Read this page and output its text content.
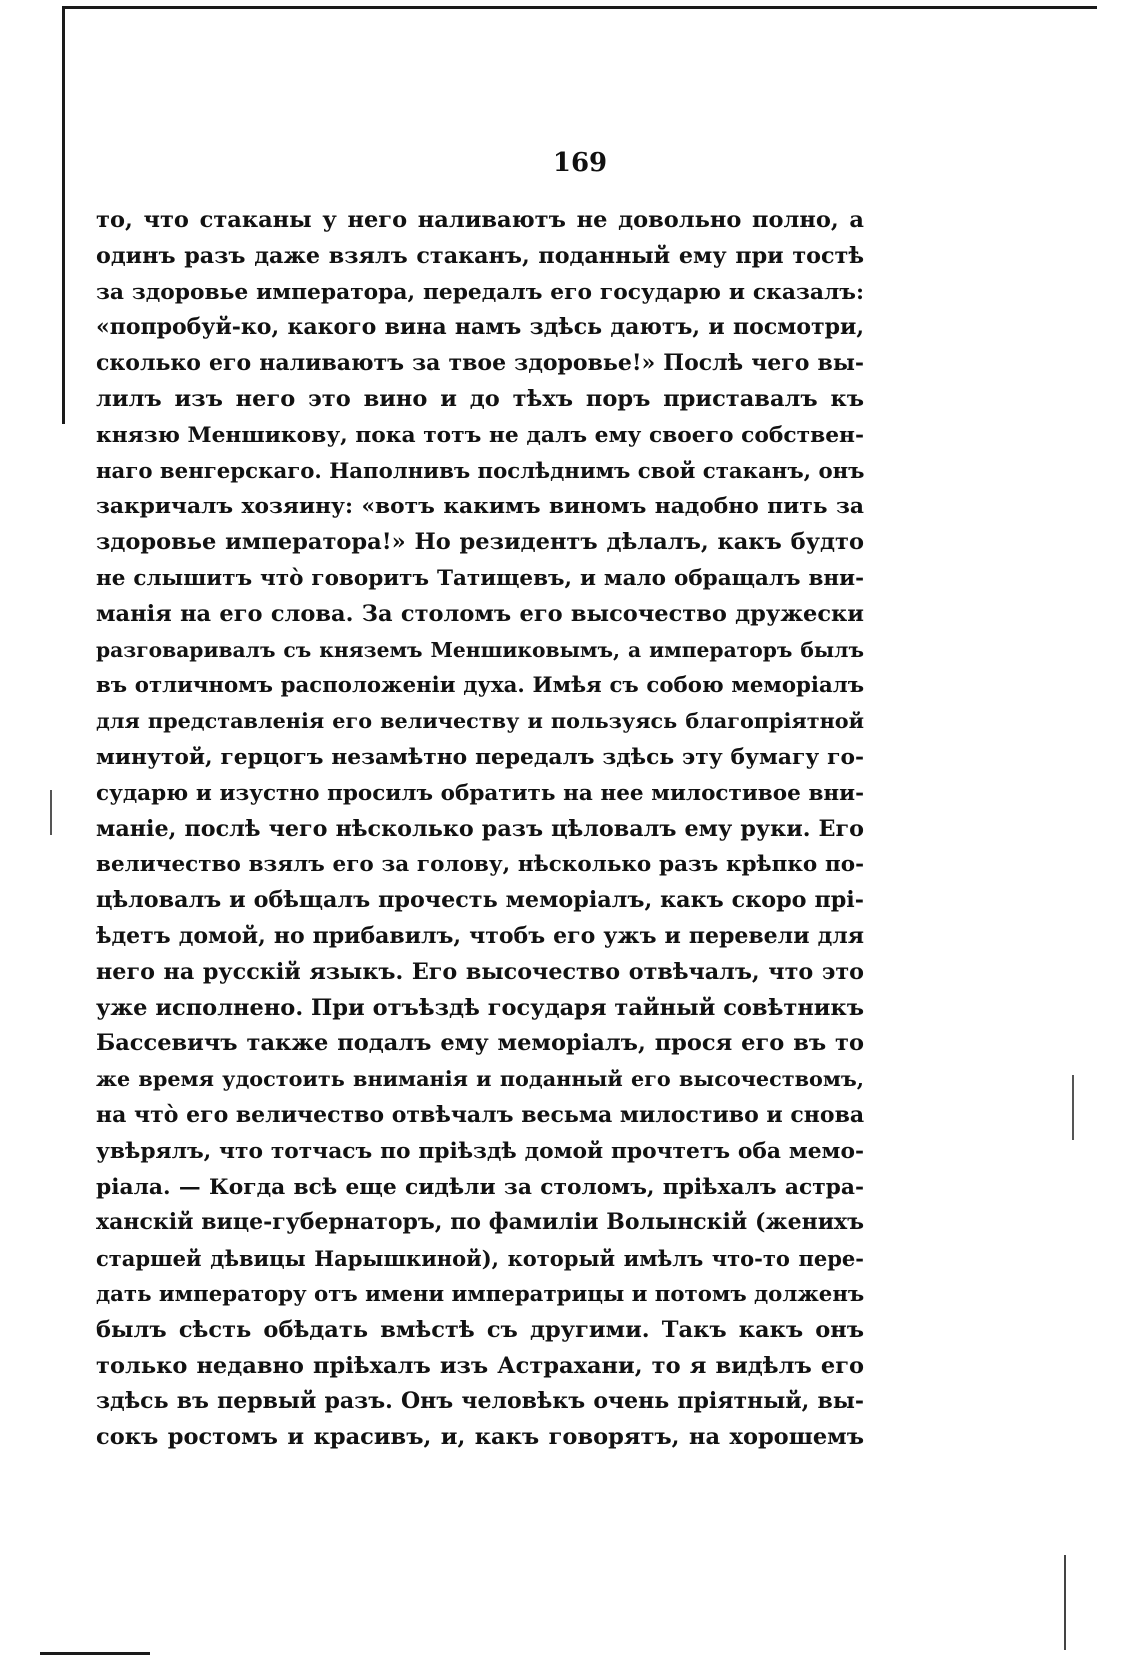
169
то, что стаканы у него наливаютъ не довольно полно, а
одинъ разъ даже взялъ стаканъ, поданный ему при тостѣ
за здоровье императора, передалъ его государю и сказалъ:
«попробуй-ко, какого вина намъ здѣсь даютъ, и посмотри,
сколько его наливаютъ за твое здоровье!» Послѣ чего вы-
лилъ изъ него это вино и до тѣхъ поръ приставалъ къ
князю Меншикову, пока тотъ не далъ ему своего собствен-
наго венгерскаго. Наполнивъ послѣднимъ свой стаканъ, онъ
закричалъ хозяину: «вотъ какимъ виномъ надобно пить за
здоровье императора!» Но резидентъ дѣлалъ, какъ будто
не слышитъ что̀ говоритъ Татищевъ, и мало обращалъ вни-
манія на его слова. За столомъ его высочество дружески
разговаривалъ съ княземъ Меншиковымъ, а императоръ былъ
въ отличномъ расположеніи духа. Имѣя съ собою меморіалъ
для представленія его величеству и пользуясь благопріятной
минутой, герцогъ незамѣтно передалъ здѣсь эту бумагу го-
сударю и изустно просилъ обратить на нее милостивое вни-
маніе, послѣ чего нѣсколько разъ цѣловалъ ему руки. Его
величество взялъ его за голову, нѣсколько разъ крѣпко по-
цѣловалъ и обѣщалъ прочесть меморіалъ, какъ скоро прі-
ѣдетъ домой, но прибавилъ, чтобъ его ужъ и перевели для
него на русскій языкъ. Его высочество отвѣчалъ, что это
уже исполнено. При отъѣздѣ государя тайный совѣтникъ
Бассевичъ также подалъ ему меморіалъ, прося его въ то
же время удостоить вниманія и поданный его высочествомъ,
на что̀ его величество отвѣчалъ весьма милостиво и снова
увѣрялъ, что тотчасъ по пріѣздѣ домой прочтетъ оба мемо-
ріала. — Когда всѣ еще сидѣли за столомъ, пріѣхалъ астра-
ханскій вице-губернаторъ, по фамиліи Волынскій (женихъ
старшей дѣвицы Нарышкиной), который имѣлъ что-то пере-
дать императору отъ имени императрицы и потомъ долженъ
былъ сѣсть обѣдать вмѣстѣ съ другими. Такъ какъ онъ
только недавно пріѣхалъ изъ Астрахани, то я видѣлъ его
здѣсь въ первый разъ. Онъ человѣкъ очень пріятный, вы-
сокъ ростомъ и красивъ, и, какъ говорятъ, на хорошемъ
